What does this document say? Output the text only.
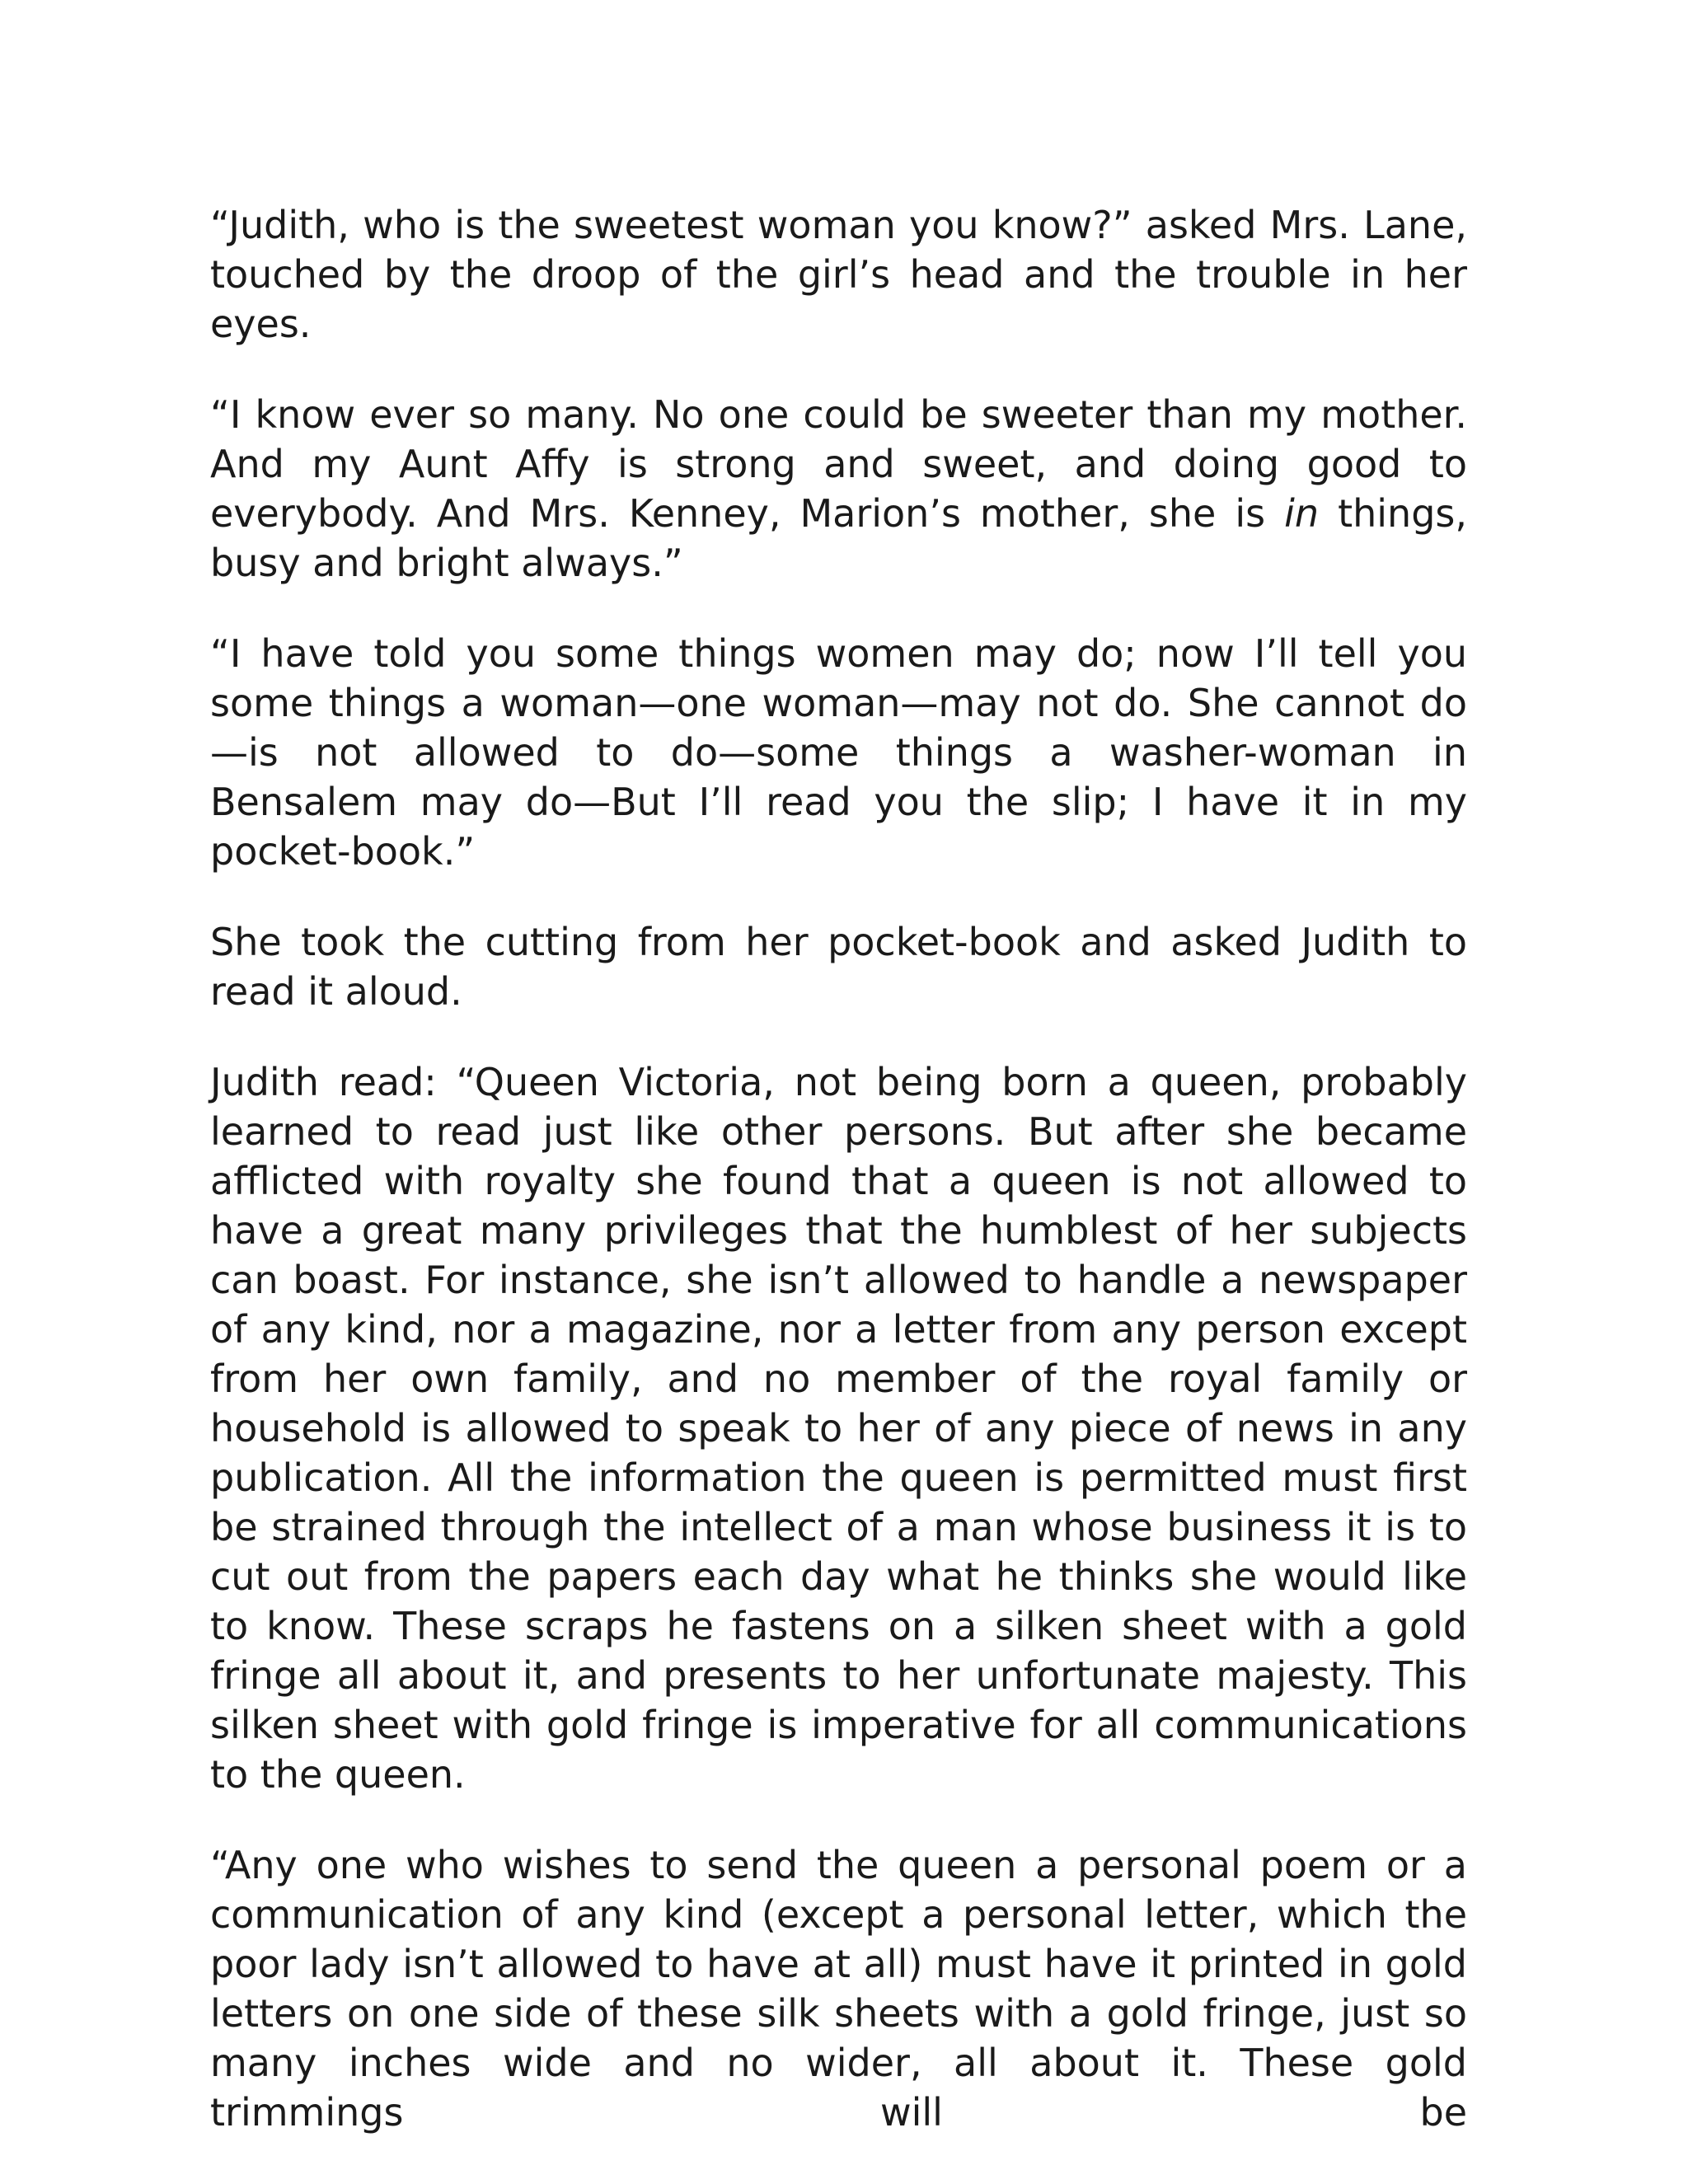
“Judith, who is the sweetest woman you know?” asked Mrs. Lane, touched by the droop of the girl’s head and the trouble in her eyes.

“I know ever so many. No one could be sweeter than my mother. And my Aunt Affy is strong and sweet, and doing good to everybody. And Mrs. Kenney, Marion’s mother, she is in things, busy and bright always.”

“I have told you some things women may do; now I’ll tell you some things a woman—one woman—may not do. She cannot do—is not allowed to do—some things a washer-woman in Bensalem may do—But I’ll read you the slip; I have it in my pocket-book.”

She took the cutting from her pocket-book and asked Judith to read it aloud.

Judith read: “Queen Victoria, not being born a queen, probably learned to read just like other persons. But after she became afflicted with royalty she found that a queen is not allowed to have a great many privileges that the humblest of her subjects can boast. For instance, she isn’t allowed to handle a newspaper of any kind, nor a magazine, nor a letter from any person except from her own family, and no member of the royal family or household is allowed to speak to her of any piece of news in any publication. All the information the queen is permitted must first be strained through the intellect of a man whose business it is to cut out from the papers each day what he thinks she would like to know. These scraps he fastens on a silken sheet with a gold fringe all about it, and presents to her unfortunate majesty. This silken sheet with gold fringe is imperative for all communications to the queen.

“Any one who wishes to send the queen a personal poem or a communication of any kind (except a personal letter, which the poor lady isn’t allowed to have at all) must have it printed in gold letters on one side of these silk sheets with a gold fringe, just so many inches wide and no wider, all about it. These gold trimmings will be
